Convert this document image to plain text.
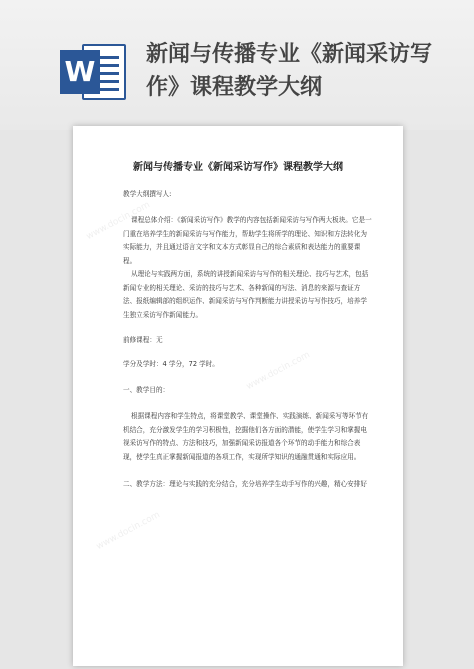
W
新闻与传播专业《新闻采访写作》课程教学大纲
www.docin.com
www.docin.com
www.docin.com
新闻与传播专业《新闻采访写作》课程教学大纲
教学大纲撰写人:
课程总体介绍：《新闻采访写作》教学的内容包括新闻采访与写作两大板块。它是一门重在培养学生的新闻采访与写作能力，帮助学生将所学的理论、知识和方法转化为实际能力，并且通过语言文字和文本方式彰显自己的综合素质和表达能力的重要课程。
从理论与实践两方面，系统的讲授新闻采访与写作的相关理论、技巧与艺术，包括新闻专业的相关理论、采访的技巧与艺术、各种新闻的写法、消息的来源与查证方法、报纸编辑部的组织运作、新闻采访与写作判断能力讲授采访与写作技巧，培养学生独立采访写作新闻能力。
前修课程：无
学分及学时：4 学分，72 学时。
一、教学目的：
根据课程内容和学生特点，将课堂教学、课堂操作、实践演练、新闻采写等环节有机结合，充分激发学生的学习积极性，挖掘他们各方面的潜能，使学生学习和掌握电视采访写作的特点、方法和技巧，加强新闻采访报道各个环节的动手能力和综合表现，使学生真正掌握新闻报道的各项工作，实现所学知识的通融贯通和实际应用。
二、教学方法：理论与实践的充分结合，充分培养学生动手写作的兴趣，精心安排好
